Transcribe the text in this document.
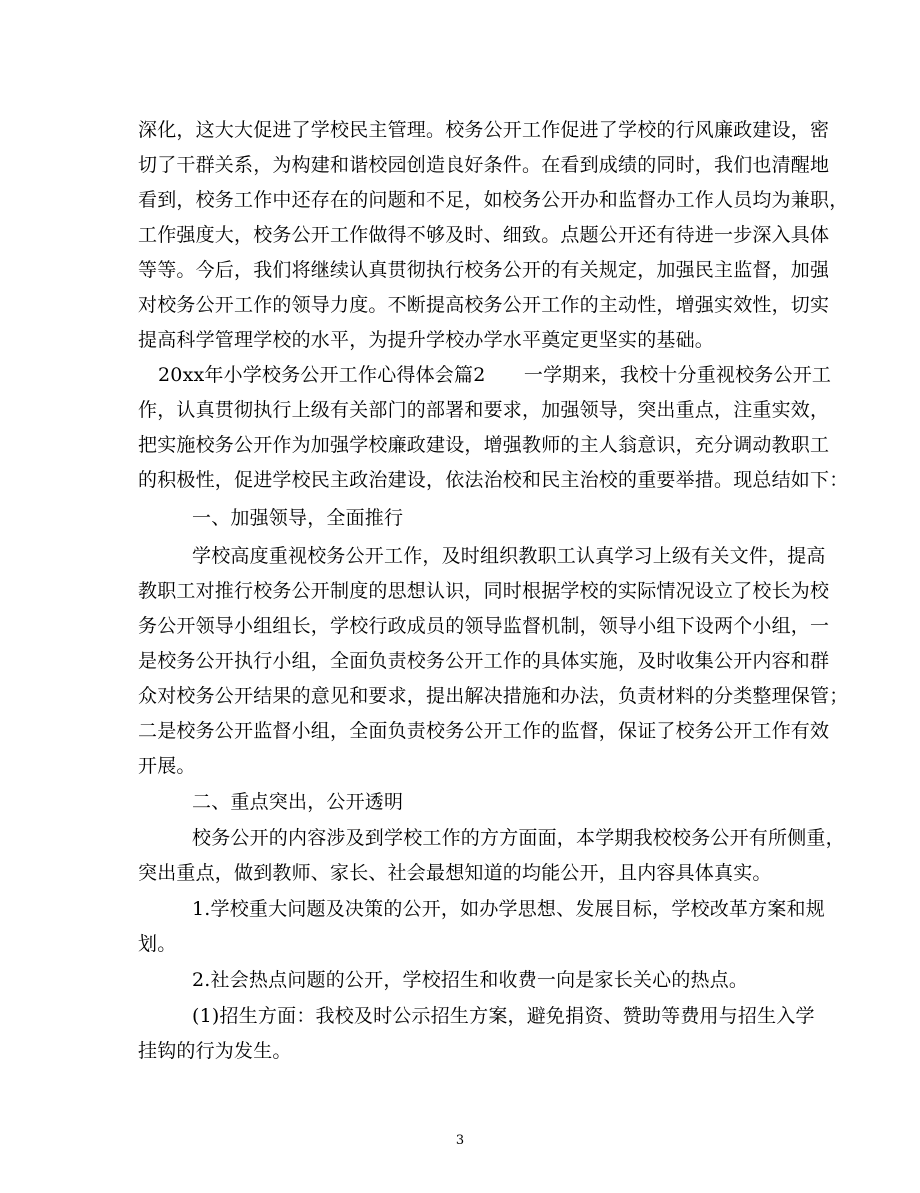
深化，这大大促进了学校民主管理。校务公开工作促进了学校的行风廉政建设，密
切了干群关系，为构建和谐校园创造良好条件。在看到成绩的同时，我们也清醒地
看到，校务工作中还存在的问题和不足，如校务公开办和监督办工作人员均为兼职，
工作强度大，校务公开工作做得不够及时、细致。点题公开还有待进一步深入具体
等等。今后，我们将继续认真贯彻执行校务公开的有关规定，加强民主监督，加强
对校务公开工作的领导力度。不断提高校务公开工作的主动性，增强实效性，切实
提高科学管理学校的水平，为提升学校办学水平奠定更坚实的基础。
20xx年小学校务公开工作心得体会篇2　　一学期来，我校十分重视校务公开工
作，认真贯彻执行上级有关部门的部署和要求，加强领导，突出重点，注重实效，
把实施校务公开作为加强学校廉政建设，增强教师的主人翁意识，充分调动教职工
的积极性，促进学校民主政治建设，依法治校和民主治校的重要举措。现总结如下：
一、加强领导，全面推行
学校高度重视校务公开工作，及时组织教职工认真学习上级有关文件，提高
教职工对推行校务公开制度的思想认识，同时根据学校的实际情况设立了校长为校
务公开领导小组组长，学校行政成员的领导监督机制，领导小组下设两个小组，一
是校务公开执行小组，全面负责校务公开工作的具体实施，及时收集公开内容和群
众对校务公开结果的意见和要求，提出解决措施和办法，负责材料的分类整理保管；
二是校务公开监督小组，全面负责校务公开工作的监督，保证了校务公开工作有效
开展。
二、重点突出，公开透明
校务公开的内容涉及到学校工作的方方面面，本学期我校校务公开有所侧重，
突出重点，做到教师、家长、社会最想知道的均能公开，且内容具体真实。
1.学校重大问题及决策的公开，如办学思想、发展目标，学校改革方案和规
划。
2.社会热点问题的公开，学校招生和收费一向是家长关心的热点。
(1)招生方面：我校及时公示招生方案，避免捐资、赞助等费用与招生入学
挂钩的行为发生。
3
